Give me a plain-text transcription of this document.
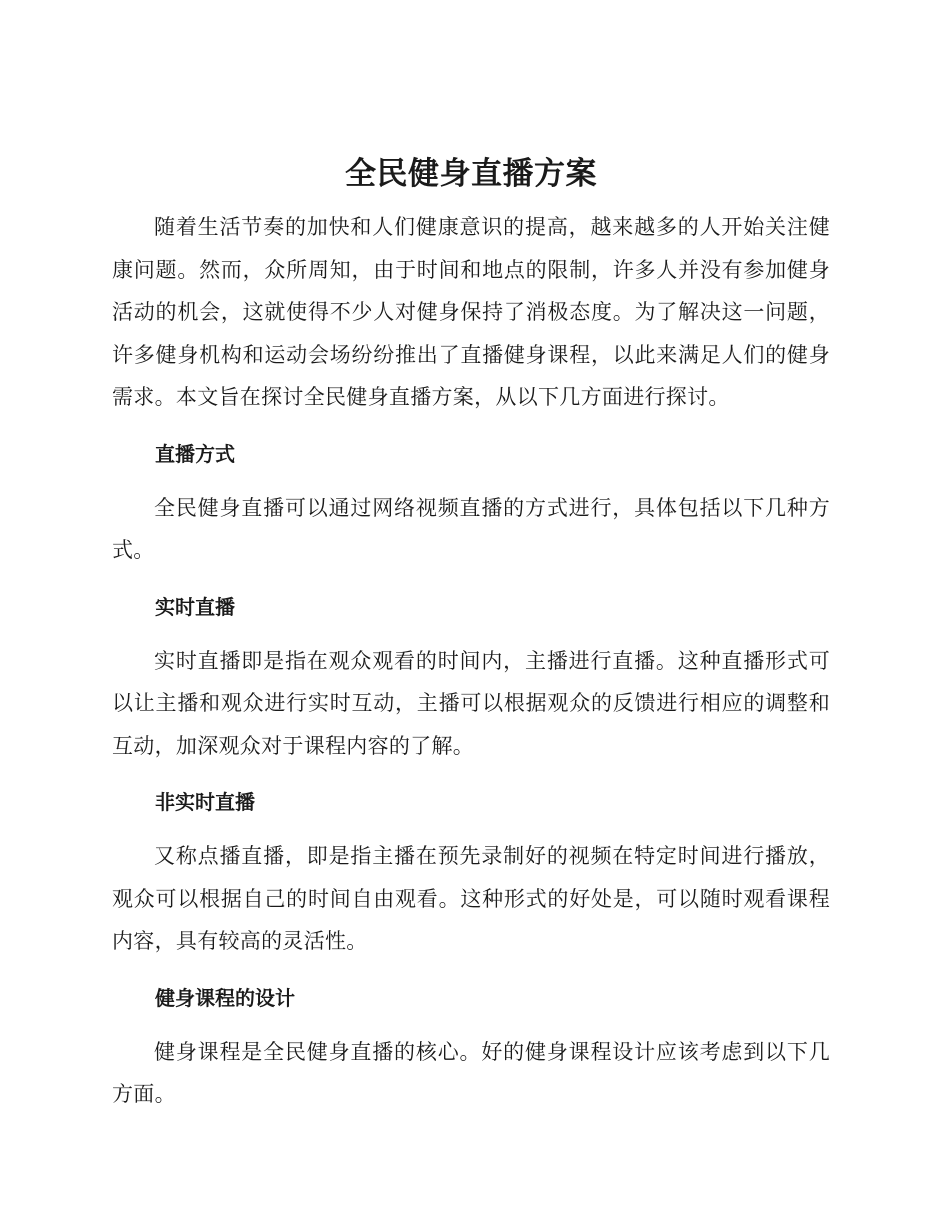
全民健身直播方案

随着生活节奏的加快和人们健康意识的提高，越来越多的人开始关注健康问题。然而，众所周知，由于时间和地点的限制，许多人并没有参加健身活动的机会，这就使得不少人对健身保持了消极态度。为了解决这一问题，许多健身机构和运动会场纷纷推出了直播健身课程，以此来满足人们的健身需求。本文旨在探讨全民健身直播方案，从以下几方面进行探讨。

直播方式

全民健身直播可以通过网络视频直播的方式进行，具体包括以下几种方式。

实时直播

实时直播即是指在观众观看的时间内，主播进行直播。这种直播形式可以让主播和观众进行实时互动，主播可以根据观众的反馈进行相应的调整和互动，加深观众对于课程内容的了解。

非实时直播

又称点播直播，即是指主播在预先录制好的视频在特定时间进行播放，观众可以根据自己的时间自由观看。这种形式的好处是，可以随时观看课程内容，具有较高的灵活性。

健身课程的设计

健身课程是全民健身直播的核心。好的健身课程设计应该考虑到以下几方面。
